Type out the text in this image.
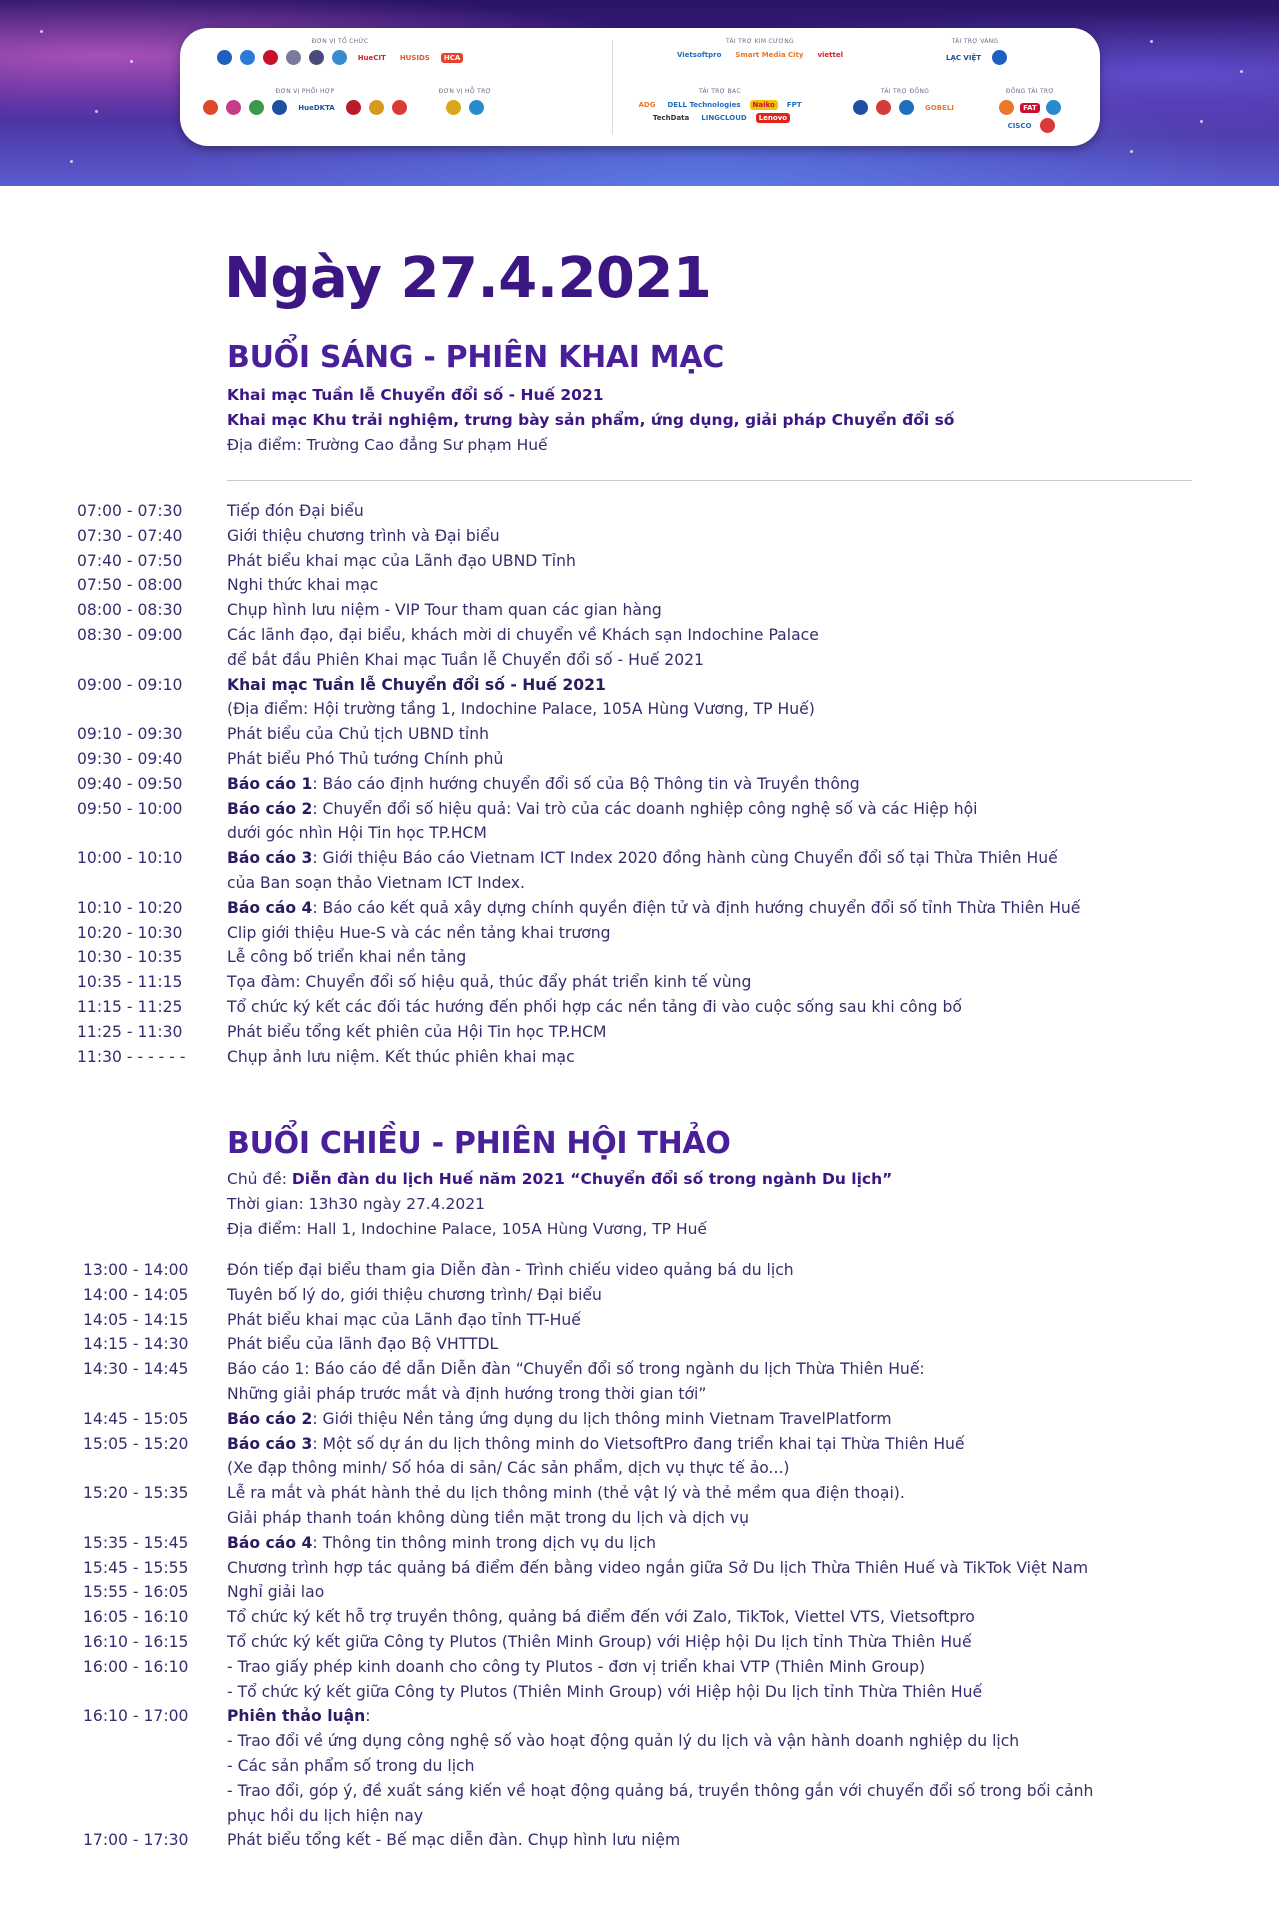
ĐƠN VỊ TỔ CHỨC
HueCIT	HUSIDS	HCA
ĐƠN VỊ PHỐI HỢP
HueDKTA
ĐƠN VỊ HỖ TRỢ
TÀI TRỢ KIM CƯƠNG
Vietsoftpro	Smart Media City	viettel
TÀI TRỢ VÀNG
LẠC VIỆT
TÀI TRỢ BẠC
ADG	DELL Technologies	Naiko	FPT
TechData	LINGCLOUD	Lenovo
TÀI TRỢ ĐỒNG
GOBELI
ĐỒNG TÀI TRỢ
FAT
CISCO
Ngày 27.4.2021
BUỔI SÁNG - PHIÊN KHAI MẠC
Khai mạc Tuần lễ Chuyển đổi số - Huế 2021
Khai mạc Khu trải nghiệm, trưng bày sản phẩm, ứng dụng, giải pháp Chuyển đổi số
Địa điểm: Trường Cao đẳng Sư phạm Huế
07:00 - 07:30	Tiếp đón Đại biểu
07:30 - 07:40	Giới thiệu chương trình và Đại biểu
07:40 - 07:50	Phát biểu khai mạc của Lãnh đạo UBND Tỉnh
07:50 - 08:00	Nghi thức khai mạc
08:00 - 08:30	Chụp hình lưu niệm - VIP Tour tham quan các gian hàng
08:30 - 09:00	Các lãnh đạo, đại biểu, khách mời di chuyển về Khách sạn Indochine Palace
để bắt đầu Phiên Khai mạc Tuần lễ Chuyển đổi số - Huế 2021
09:00 - 09:10	Khai mạc Tuần lễ Chuyển đổi số - Huế 2021
(Địa điểm: Hội trường tầng 1, Indochine Palace, 105A Hùng Vương, TP Huế)
09:10 - 09:30	Phát biểu của Chủ tịch UBND tỉnh
09:30 - 09:40	Phát biểu Phó Thủ tướng Chính phủ
09:40 - 09:50	Báo cáo 1: Báo cáo định hướng chuyển đổi số của Bộ Thông tin và Truyền thông
09:50 - 10:00	Báo cáo 2: Chuyển đổi số hiệu quả: Vai trò của các doanh nghiệp công nghệ số và các Hiệp hội
dưới góc nhìn Hội Tin học TP.HCM
10:00 - 10:10	Báo cáo 3: Giới thiệu Báo cáo Vietnam ICT Index 2020 đồng hành cùng Chuyển đổi số tại Thừa Thiên Huế
của Ban soạn thảo Vietnam ICT Index.
10:10 - 10:20	Báo cáo 4: Báo cáo kết quả xây dựng chính quyền điện tử và định hướng chuyển đổi số tỉnh Thừa Thiên Huế
10:20 - 10:30	Clip giới thiệu Hue-S và các nền tảng khai trương
10:30 - 10:35	Lễ công bố triển khai nền tảng
10:35 - 11:15	Tọa đàm: Chuyển đổi số hiệu quả, thúc đẩy phát triển kinh tế vùng
11:15 - 11:25	Tổ chức ký kết các đối tác hướng đến phối hợp các nền tảng đi vào cuộc sống sau khi công bố
11:25 - 11:30	Phát biểu tổng kết phiên của Hội Tin học TP.HCM
11:30 - - - - - -	Chụp ảnh lưu niệm. Kết thúc phiên khai mạc
BUỔI CHIỀU - PHIÊN HỘI THẢO
Chủ đề: Diễn đàn du lịch Huế năm 2021 “Chuyển đổi số trong ngành Du lịch”
Thời gian: 13h30 ngày 27.4.2021
Địa điểm: Hall 1, Indochine Palace, 105A Hùng Vương, TP Huế
13:00 - 14:00	Đón tiếp đại biểu tham gia Diễn đàn - Trình chiếu video quảng bá du lịch
14:00 - 14:05	Tuyên bố lý do, giới thiệu chương trình/ Đại biểu
14:05 - 14:15	Phát biểu khai mạc của Lãnh đạo tỉnh TT-Huế
14:15 - 14:30	Phát biểu của lãnh đạo Bộ VHTTDL
14:30 - 14:45	Báo cáo 1: Báo cáo đề dẫn Diễn đàn “Chuyển đổi số trong ngành du lịch Thừa Thiên Huế:
Những giải pháp trước mắt và định hướng trong thời gian tới”
14:45 - 15:05	Báo cáo 2: Giới thiệu Nền tảng ứng dụng du lịch thông minh Vietnam TravelPlatform
15:05 - 15:20	Báo cáo 3: Một số dự án du lịch thông minh do VietsoftPro đang triển khai tại Thừa Thiên Huế
(Xe đạp thông minh/ Số hóa di sản/ Các sản phẩm, dịch vụ thực tế ảo...)
15:20 - 15:35	Lễ ra mắt và phát hành thẻ du lịch thông minh (thẻ vật lý và thẻ mềm qua điện thoại).
Giải pháp thanh toán không dùng tiền mặt trong du lịch và dịch vụ
15:35 - 15:45	Báo cáo 4: Thông tin thông minh trong dịch vụ du lịch
15:45 - 15:55	Chương trình hợp tác quảng bá điểm đến bằng video ngắn giữa Sở Du lịch Thừa Thiên Huế và TikTok Việt Nam
15:55 - 16:05	Nghỉ giải lao
16:05 - 16:10	Tổ chức ký kết hỗ trợ truyền thông, quảng bá điểm đến với Zalo, TikTok, Viettel VTS, Vietsoftpro
16:10 - 16:15	Tổ chức ký kết giữa Công ty Plutos (Thiên Minh Group) với Hiệp hội Du lịch tỉnh Thừa Thiên Huế
16:00 - 16:10	- Trao giấy phép kinh doanh cho công ty Plutos - đơn vị triển khai VTP (Thiên Minh Group)
- Tổ chức ký kết giữa Công ty Plutos (Thiên Minh Group) với Hiệp hội Du lịch tỉnh Thừa Thiên Huế
16:10 - 17:00	Phiên thảo luận:
- Trao đổi về ứng dụng công nghệ số vào hoạt động quản lý du lịch và vận hành doanh nghiệp du lịch
- Các sản phẩm số trong du lịch
- Trao đổi, góp ý, đề xuất sáng kiến về hoạt động quảng bá, truyền thông gắn với chuyển đổi số trong bối cảnh
phục hồi du lịch hiện nay
17:00 - 17:30	Phát biểu tổng kết - Bế mạc diễn đàn. Chụp hình lưu niệm
